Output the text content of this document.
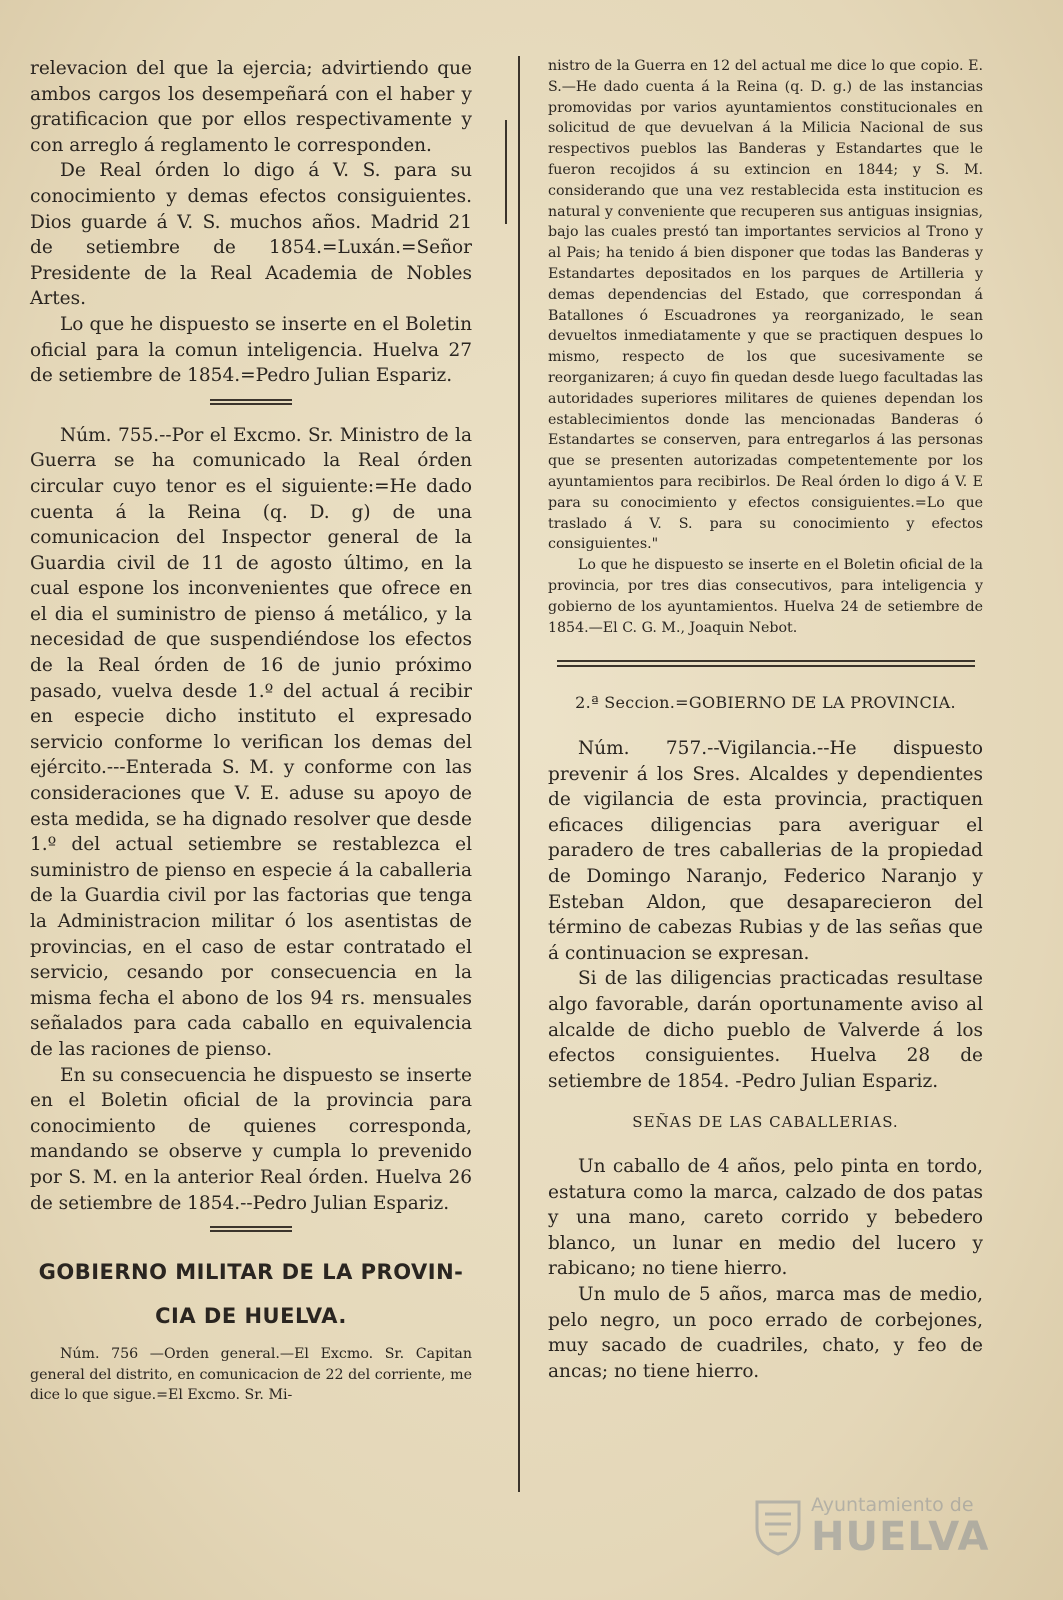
relevacion del que la ejercia; advirtiendo que ambos cargos los desempeñará con el haber y gratificacion que por ellos respectivamente y con arreglo á reglamento le corresponden.

De Real órden lo digo á V. S. para su conocimiento y demas efectos consiguientes. Dios guarde á V. S. muchos años. Madrid 21 de setiembre de 1854.=Luxán.=Señor Presidente de la Real Academia de Nobles Artes.

Lo que he dispuesto se inserte en el Boletin oficial para la comun inteligencia. Huelva 27 de setiembre de 1854.=Pedro Julian Espariz.

Núm. 755.--Por el Excmo. Sr. Ministro de la Guerra se ha comunicado la Real órden circular cuyo tenor es el siguiente:=He dado cuenta á la Reina (q. D. g) de una comunicacion del Inspector general de la Guardia civil de 11 de agosto último, en la cual espone los inconvenientes que ofrece en el dia el suministro de pienso á metálico, y la necesidad de que suspendiéndose los efectos de la Real órden de 16 de junio próximo pasado, vuelva desde 1.º del actual á recibir en especie dicho instituto el expresado servicio conforme lo verifican los demas del ejército.---Enterada S. M. y conforme con las consideraciones que V. E. aduse su apoyo de esta medida, se ha dignado resolver que desde 1.º del actual setiembre se restablezca el suministro de pienso en especie á la caballeria de la Guardia civil por las factorias que tenga la Administracion militar ó los asentistas de provincias, en el caso de estar contratado el servicio, cesando por consecuencia en la misma fecha el abono de los 94 rs. mensuales señalados para cada caballo en equivalencia de las raciones de pienso.

En su consecuencia he dispuesto se inserte en el Boletin oficial de la provincia para conocimiento de quienes corresponda, mandando se observe y cumpla lo prevenido por S. M. en la anterior Real órden. Huelva 26 de setiembre de 1854.--Pedro Julian Espariz.

GOBIERNO MILITAR DE LA PROVIN-
CIA DE HUELVA.

Núm. 756 —Orden general.—El Excmo. Sr. Capitan general del distrito, en comunicacion de 22 del corriente, me dice lo que sigue.=El Excmo. Sr. Mi-

nistro de la Guerra en 12 del actual me dice lo que copio. E. S.—He dado cuenta á la Reina (q. D. g.) de las instancias promovidas por varios ayuntamientos constitucionales en solicitud de que devuelvan á la Milicia Nacional de sus respectivos pueblos las Banderas y Estandartes que le fueron recojidos á su extincion en 1844; y S. M. considerando que una vez restablecida esta institucion es natural y conveniente que recuperen sus antiguas insignias, bajo las cuales prestó tan importantes servicios al Trono y al Pais; ha tenido á bien disponer que todas las Banderas y Estandartes depositados en los parques de Artilleria y demas dependencias del Estado, que correspondan á Batallones ó Escuadrones ya reorganizado, le sean devueltos inmediatamente y que se practiquen despues lo mismo, respecto de los que sucesivamente se reorganizaren; á cuyo fin quedan desde luego facultadas las autoridades superiores militares de quienes dependan los establecimientos donde las mencionadas Banderas ó Estandartes se conserven, para entregarlos á las personas que se presenten autorizadas competentemente por los ayuntamientos para recibirlos. De Real órden lo digo á V. E para su conocimiento y efectos consiguientes.=Lo que traslado á V. S. para su conocimiento y efectos consiguientes."

Lo que he dispuesto se inserte en el Boletin oficial de la provincia, por tres dias consecutivos, para inteligencia y gobierno de los ayuntamientos. Huelva 24 de setiembre de 1854.—El C. G. M., Joaquin Nebot.

2.ª Seccion.=GOBIERNO DE LA PROVINCIA.

Núm. 757.--Vigilancia.--He dispuesto prevenir á los Sres. Alcaldes y dependientes de vigilancia de esta provincia, practiquen eficaces diligencias para averiguar el paradero de tres caballerias de la propiedad de Domingo Naranjo, Federico Naranjo y Esteban Aldon, que desaparecieron del término de cabezas Rubias y de las señas que á continuacion se expresan.

Si de las diligencias practicadas resultase algo favorable, darán oportunamente aviso al alcalde de dicho pueblo de Valverde á los efectos consiguientes. Huelva 28 de setiembre de 1854. -Pedro Julian Espariz.

SEÑAS DE LAS CABALLERIAS.

Un caballo de 4 años, pelo pinta en tordo, estatura como la marca, calzado de dos patas y una mano, careto corrido y bebedero blanco, un lunar en medio del lucero y rabicano; no tiene hierro.

Un mulo de 5 años, marca mas de medio, pelo negro, un poco errado de corbejones, muy sacado de cuadriles, chato, y feo de ancas; no tiene hierro.

Ayuntamiento de
HUELVA
